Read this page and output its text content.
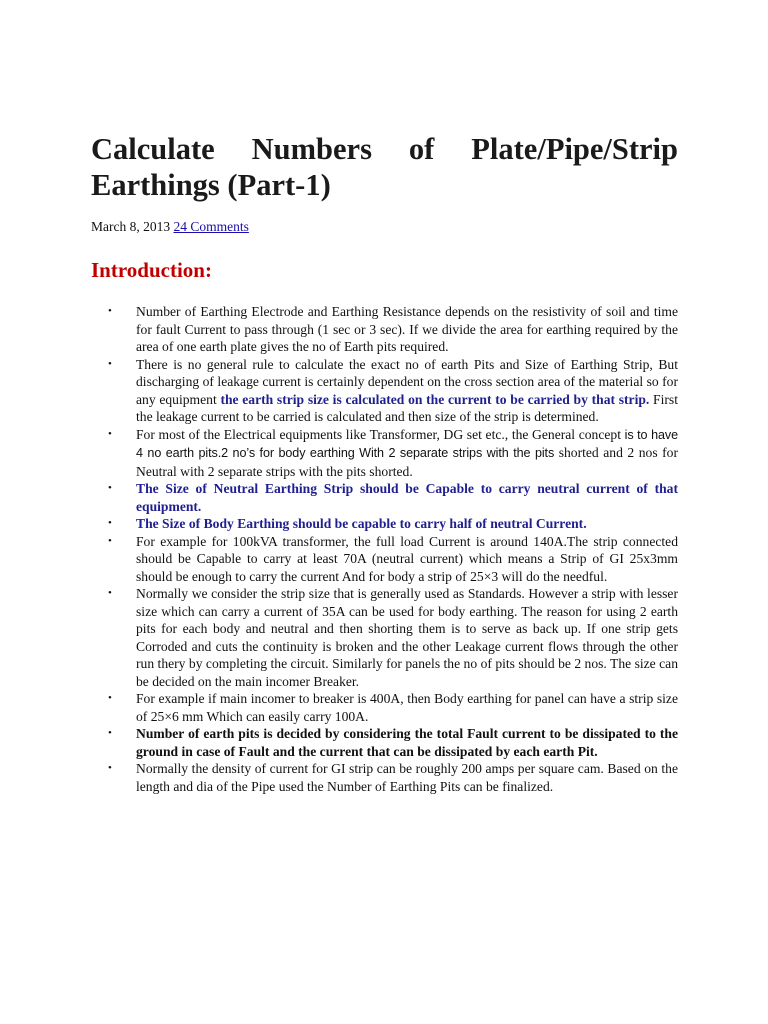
Calculate Numbers of Plate/Pipe/Strip
Earthings (Part-1)
March 8, 2013 24 Comments
Introduction:
• Number of Earthing Electrode and Earthing Resistance depends on the resistivity of soil and time for fault Current to pass through (1 sec or 3 sec). If we divide the area for earthing required by the area of one earth plate gives the no of Earth pits required.
• There is no general rule to calculate the exact no of earth Pits and Size of Earthing Strip, But discharging of leakage current is certainly dependent on the cross section area of the material so for any equipment the earth strip size is calculated on the current to be carried by that strip. First the leakage current to be carried is calculated and then size of the strip is determined.
• For most of the Electrical equipments like Transformer, DG set etc., the General concept is to have 4 no earth pits.2 no’s for body earthing With 2 separate strips with the pits shorted and 2 nos for Neutral with 2 separate strips with the pits shorted.
• The Size of Neutral Earthing Strip should be Capable to carry neutral current of that equipment.
• The Size of Body Earthing should be capable to carry half of neutral Current.
• For example for 100kVA transformer, the full load Current is around 140A.The strip connected should be Capable to carry at least 70A (neutral current) which means a Strip of GI 25x3mm should be enough to carry the current And for body a strip of 25×3 will do the needful.
• Normally we consider the strip size that is generally used as Standards. However a strip with lesser size which can carry a current of 35A can be used for body earthing. The reason for using 2 earth pits for each body and neutral and then shorting them is to serve as back up. If one strip gets Corroded and cuts the continuity is broken and the other Leakage current flows through the other run thery by completing the circuit. Similarly for panels the no of pits should be 2 nos. The size can be decided on the main incomer Breaker.
• For example if main incomer to breaker is 400A, then Body earthing for panel can have a strip size of 25×6 mm Which can easily carry 100A.
• Number of earth pits is decided by considering the total Fault current to be dissipated to the ground in case of Fault and the current that can be dissipated by each earth Pit.
• Normally the density of current for GI strip can be roughly 200 amps per square cam. Based on the length and dia of the Pipe used the Number of Earthing Pits can be finalized.
